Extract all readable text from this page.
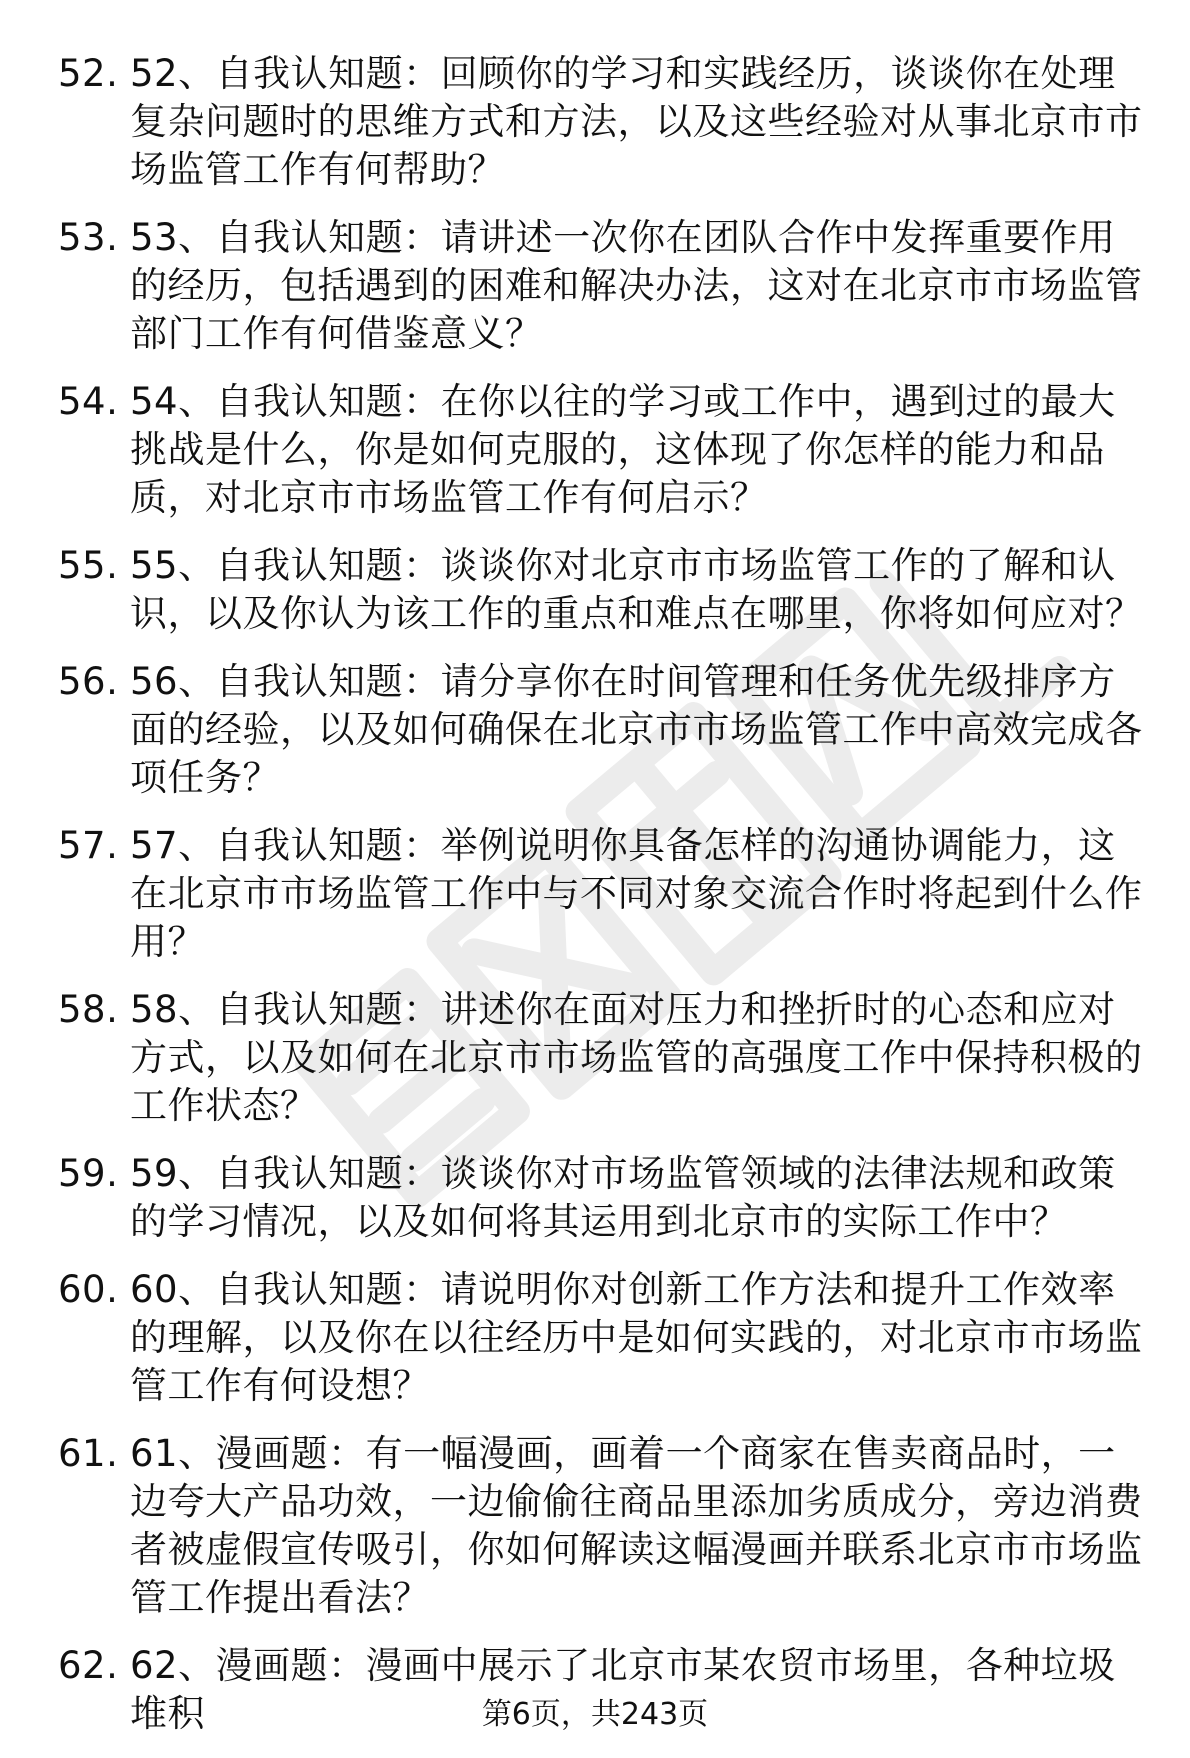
52. 52、自我认知题：回顾你的学习和实践经历，谈谈你在处理复杂问题时的思维方式和方法，以及这些经验对从事北京市市场监管工作有何帮助？
53. 53、自我认知题：请讲述一次你在团队合作中发挥重要作用的经历，包括遇到的困难和解决办法，这对在北京市市场监管部门工作有何借鉴意义？
54. 54、自我认知题：在你以往的学习或工作中，遇到过的最大挑战是什么，你是如何克服的，这体现了你怎样的能力和品质，对北京市市场监管工作有何启示？
55. 55、自我认知题：谈谈你对北京市市场监管工作的了解和认识，以及你认为该工作的重点和难点在哪里，你将如何应对？
56. 56、自我认知题：请分享你在时间管理和任务优先级排序方面的经验，以及如何确保在北京市市场监管工作中高效完成各项任务？
57. 57、自我认知题：举例说明你具备怎样的沟通协调能力，这在北京市市场监管工作中与不同对象交流合作时将起到什么作用？
58. 58、自我认知题：讲述你在面对压力和挫折时的心态和应对方式，以及如何在北京市市场监管的高强度工作中保持积极的工作状态？
59. 59、自我认知题：谈谈你对市场监管领域的法律法规和政策的学习情况，以及如何将其运用到北京市的实际工作中？
60. 60、自我认知题：请说明你对创新工作方法和提升工作效率的理解，以及你在以往经历中是如何实践的，对北京市市场监管工作有何设想？
61. 61、漫画题：有一幅漫画，画着一个商家在售卖商品时，一边夸大产品功效，一边偷偷往商品里添加劣质成分，旁边消费者被虚假宣传吸引，你如何解读这幅漫画并联系北京市市场监管工作提出看法？
62. 62、漫画题：漫画中展示了北京市某农贸市场里，各种垃圾堆积	第6页，共243页
